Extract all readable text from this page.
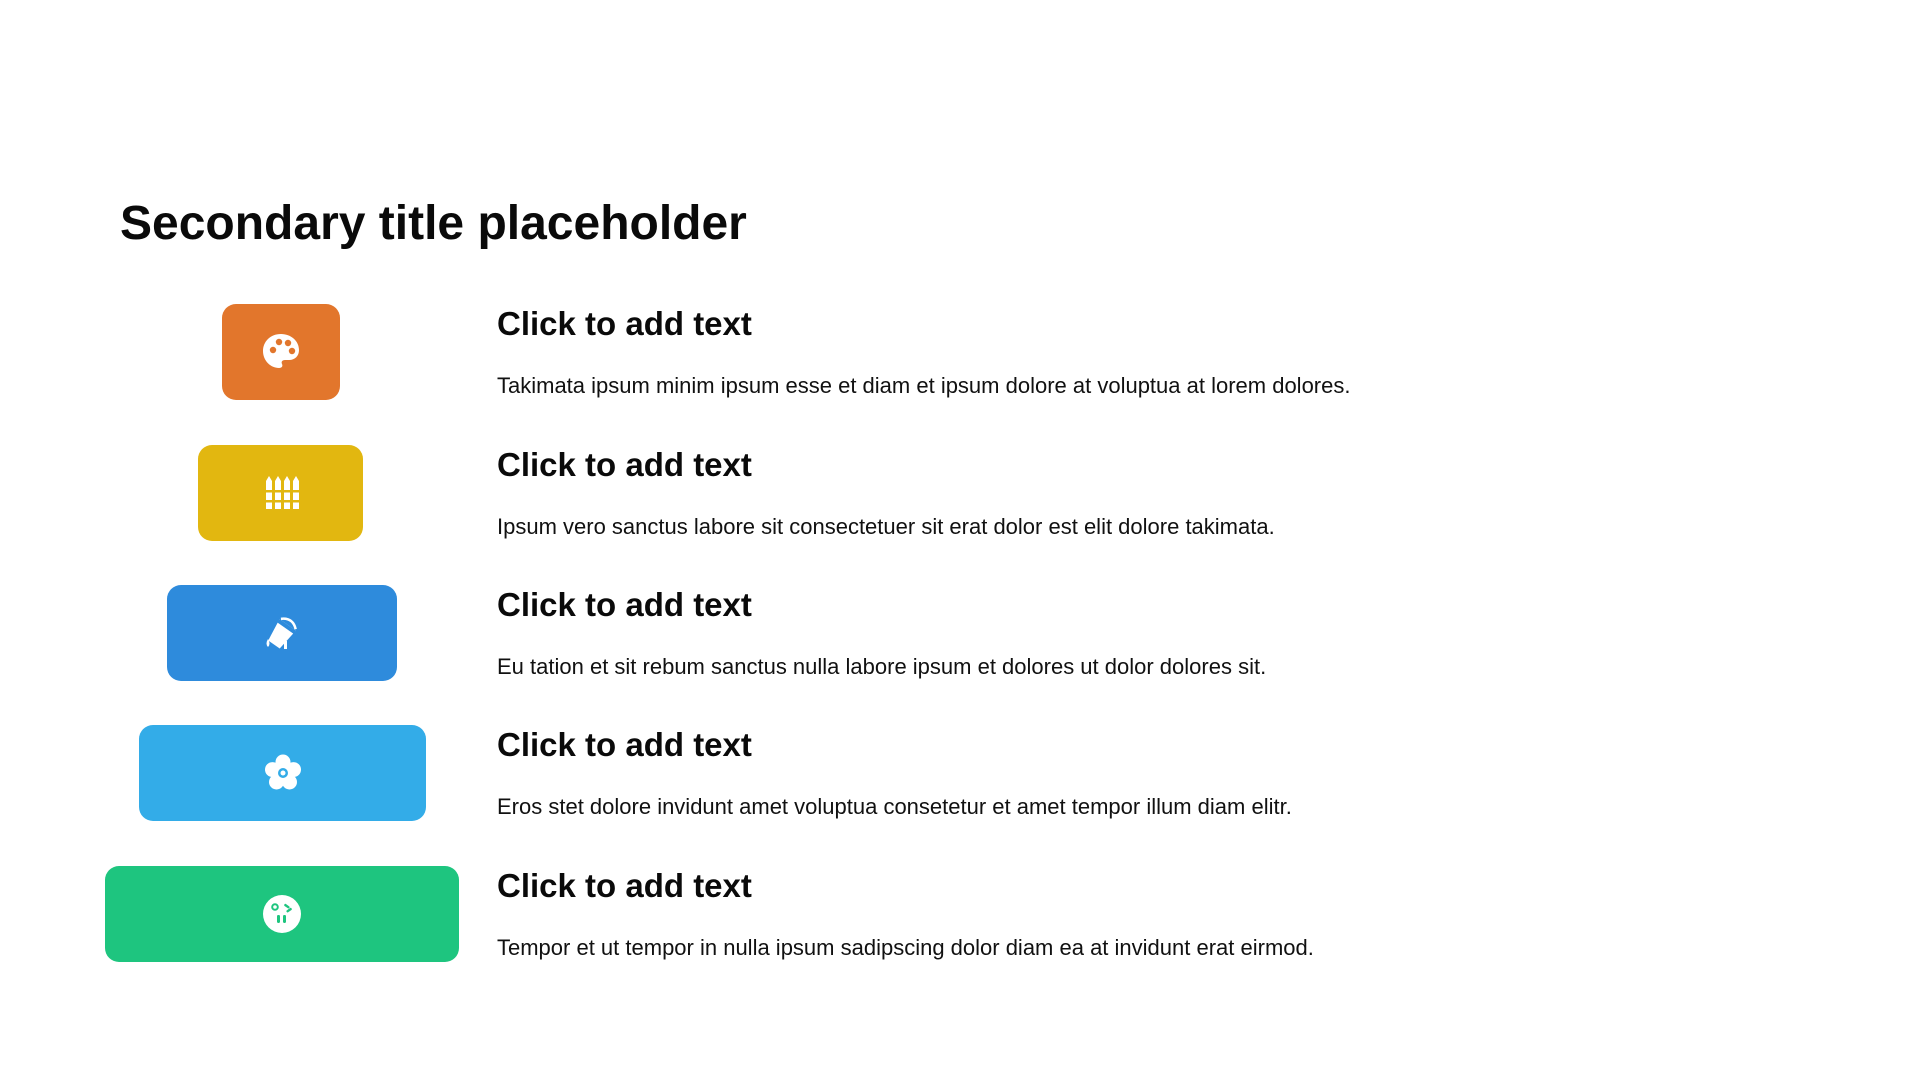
Secondary title placeholder
Click to add text
Takimata ipsum minim ipsum esse et diam et ipsum dolore at voluptua at lorem dolores.
Click to add text
Ipsum vero sanctus labore sit consectetuer sit erat dolor est elit dolore takimata.
Click to add text
Eu tation et sit rebum sanctus nulla labore ipsum et dolores ut dolor dolores sit.
Click to add text
Eros stet dolore invidunt amet voluptua consetetur et amet tempor illum diam elitr.
Click to add text
Tempor et ut tempor in nulla ipsum sadipscing dolor diam ea at invidunt erat eirmod.
